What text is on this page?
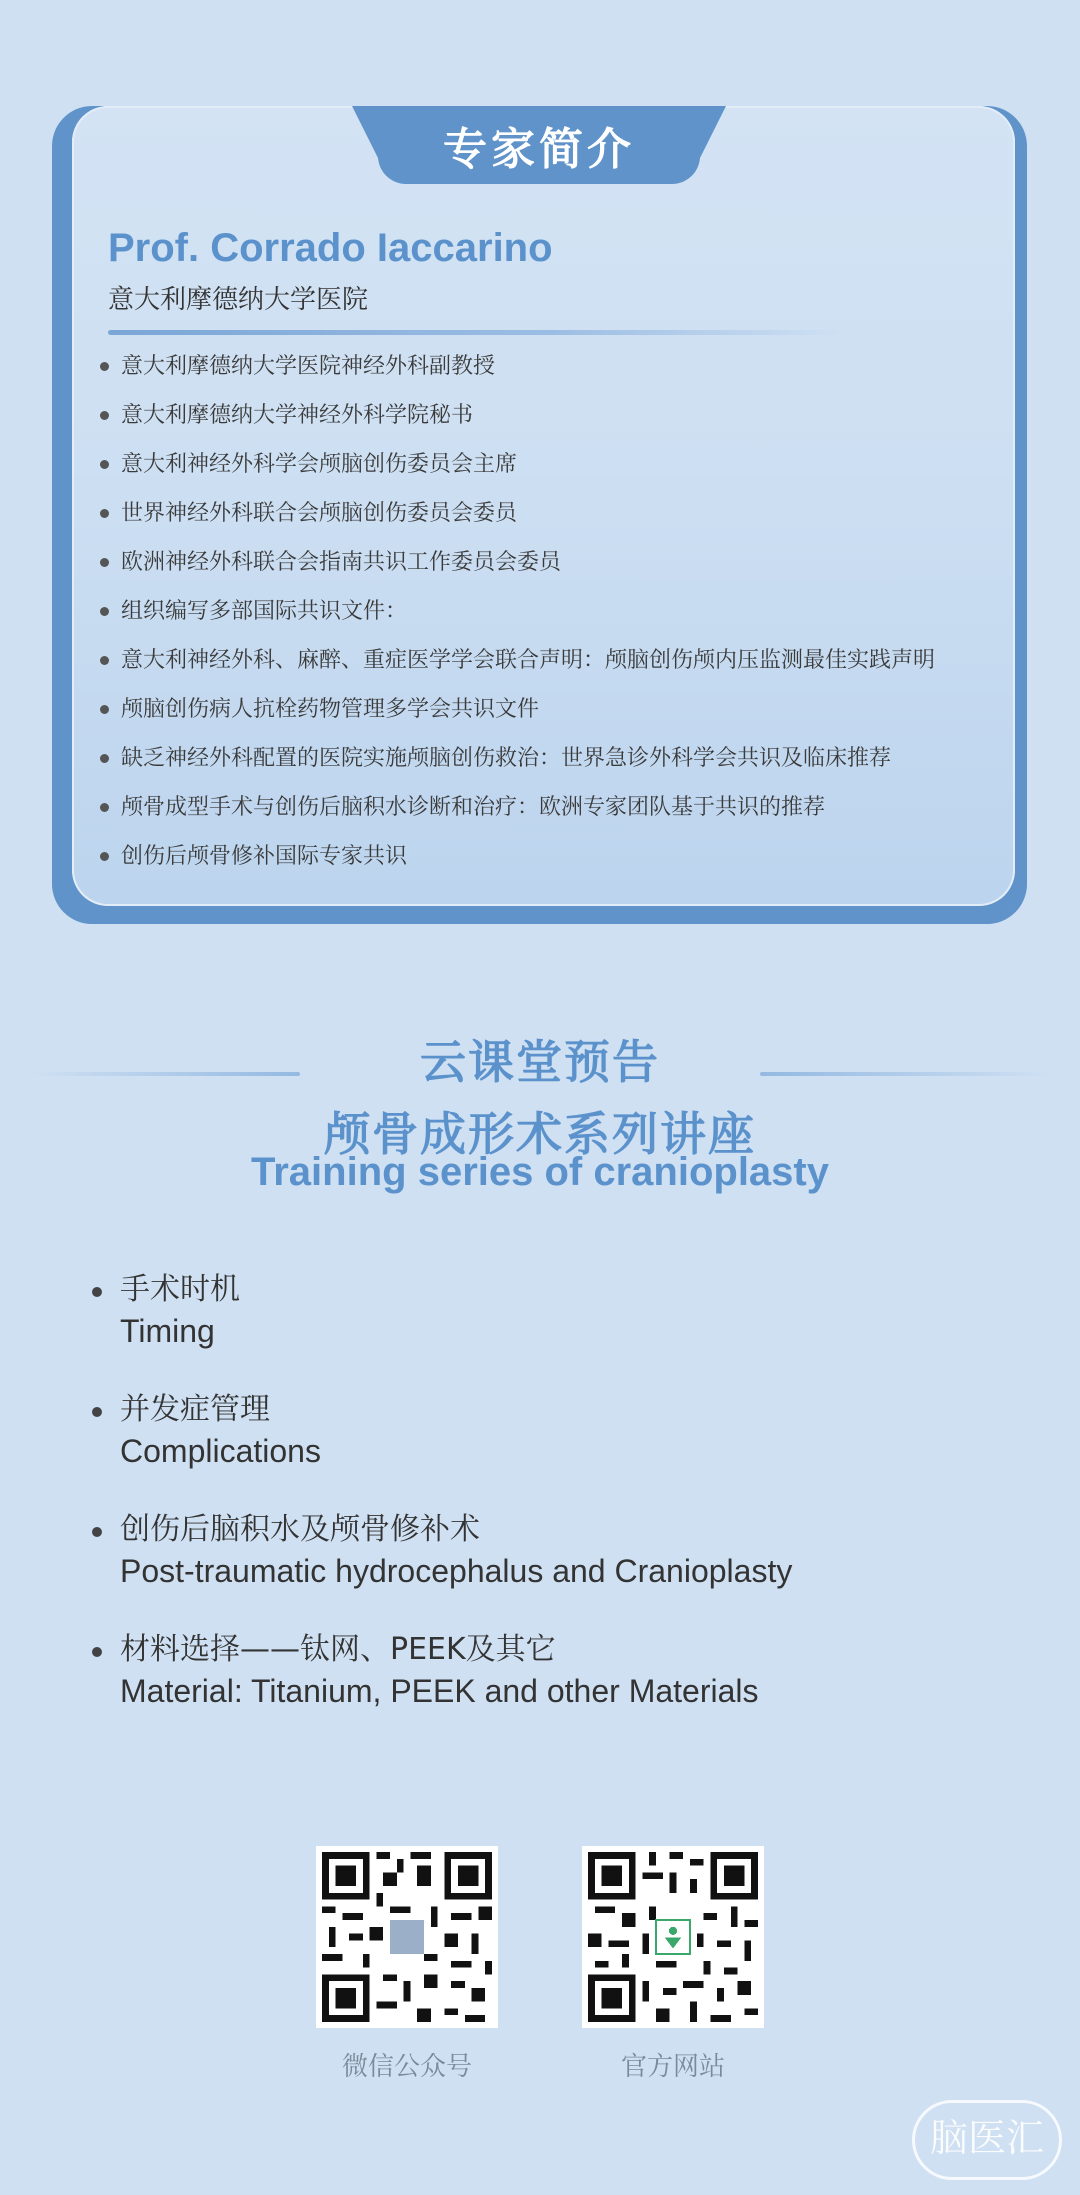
专家简介
Prof. Corrado Iaccarino
意大利摩德纳大学医院
意大利摩德纳大学医院神经外科副教授
意大利摩德纳大学神经外科学院秘书
意大利神经外科学会颅脑创伤委员会主席
世界神经外科联合会颅脑创伤委员会委员
欧洲神经外科联合会指南共识工作委员会委员
组织编写多部国际共识文件：
意大利神经外科、麻醉、重症医学学会联合声明：颅脑创伤颅内压监测最佳实践声明
颅脑创伤病人抗栓药物管理多学会共识文件
缺乏神经外科配置的医院实施颅脑创伤救治：世界急诊外科学会共识及临床推荐
颅骨成型手术与创伤后脑积水诊断和治疗：欧洲专家团队基于共识的推荐
创伤后颅骨修补国际专家共识
云课堂预告
颅骨成形术系列讲座
Training series of cranioplasty
手术时机
Timing
并发症管理
Complications
创伤后脑积水及颅骨修补术
Post-traumatic hydrocephalus and Cranioplasty
材料选择——钛网、PEEK及其它
Material: Titanium, PEEK and other Materials
微信公众号	官方网站
脑医汇
